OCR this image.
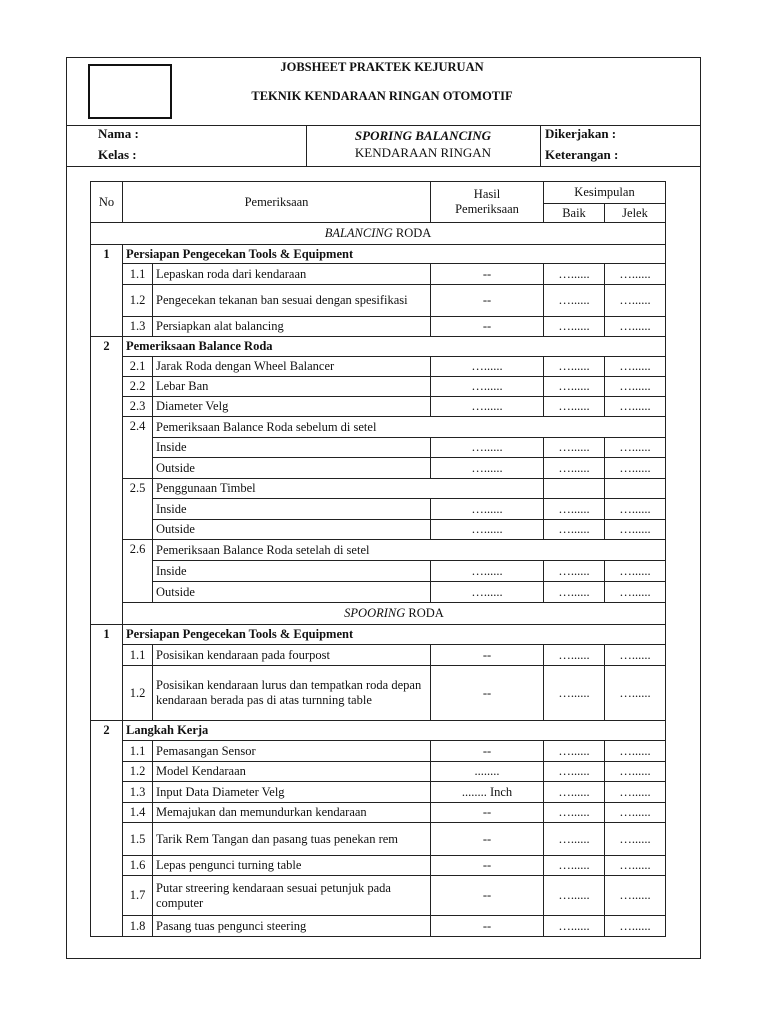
JOBSHEET PRAKTEK KEJURUAN
TEKNIK KENDARAAN RINGAN OTOMOTIF
Nama :
Kelas :
SPORING BALANCING
KENDARAAN RINGAN
Dikerjakan :
Keterangan :
No	Pemeriksaan		Hasil
Pemeriksaan	Kesimpulan	
				Baik	Jelek
BALANCING RODA					
1	Persiapan Pengecekan Tools & Equipment				
	1.1	Lepaskan roda dari kendaraan	--	…......	…......
	1.2	Pengecekan tekanan ban sesuai dengan spesifikasi	--	…......	…......
	1.3	Persiapkan alat balancing	--	…......	…......
2	Pemeriksaan Balance Roda				
	2.1	Jarak Roda dengan Wheel Balancer	…......	…......	…......
	2.2	Lebar Ban	…......	…......	…......
	2.3	Diameter Velg	…......	…......	…......
	2.4	Pemeriksaan Balance Roda sebelum di setel			
		Inside	…......	…......	…......
		Outside	…......	…......	…......
	2.5	Penggunaan Timbel			
		Inside	…......	…......	…......
		Outside	…......	…......	…......
	2.6	Pemeriksaan Balance Roda setelah di setel			
		Inside	…......	…......	…......
		Outside	…......	…......	…......
	SPOORING RODA				
1	Persiapan Pengecekan Tools & Equipment				
	1.1	Posisikan kendaraan pada fourpost	--	…......	…......
	1.2	Posisikan kendaraan lurus dan tempatkan roda depan kendaraan berada pas di atas turnning table	--	…......	…......
2	Langkah Kerja				
	1.1	Pemasangan Sensor	--	…......	…......
	1.2	Model Kendaraan	........	…......	…......
	1.3	Input Data Diameter Velg	........ Inch	…......	…......
	1.4	Memajukan dan memundurkan kendaraan	--	…......	…......
	1.5	Tarik Rem Tangan dan pasang tuas penekan rem	--	…......	…......
	1.6	Lepas pengunci turning table	--	…......	…......
	1.7	Putar streering kendaraan sesuai petunjuk pada computer	--	…......	…......
	1.8	Pasang tuas pengunci steering	--	…......	…......
